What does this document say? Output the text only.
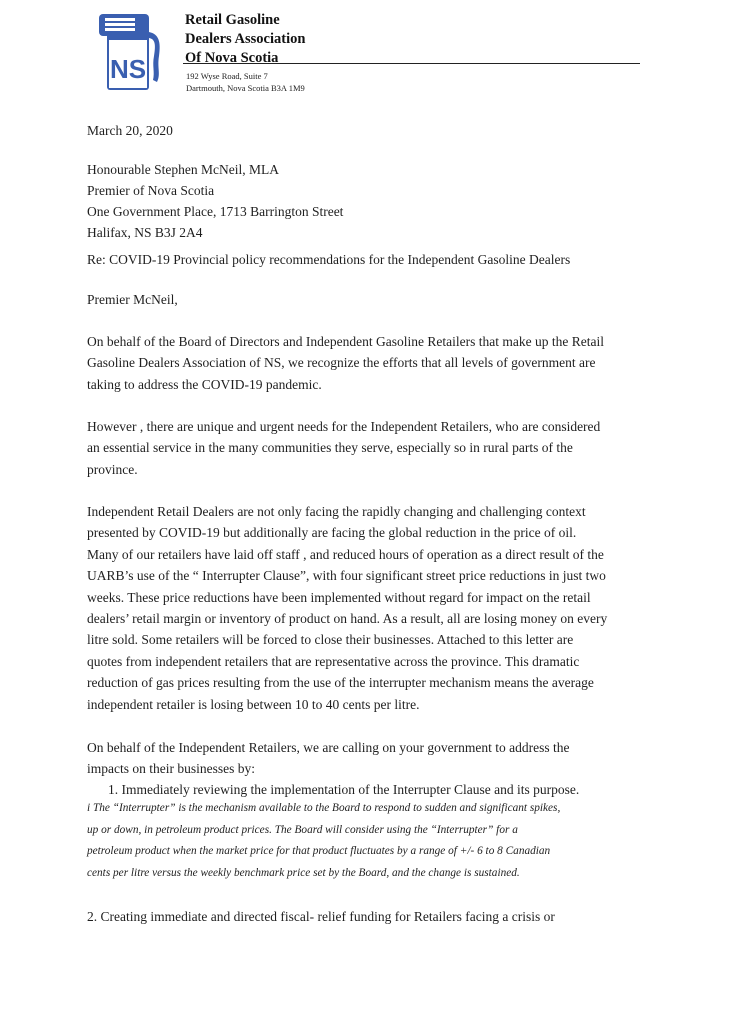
NS
Retail Gasoline
Dealers Association
Of Nova Scotia
192 Wyse Road, Suite 7
Dartmouth, Nova Scotia B3A 1M9
March 20, 2020
Honourable Stephen McNeil, MLA
Premier of Nova Scotia
One Government Place, 1713 Barrington Street
Halifax, NS B3J 2A4
Re: COVID-19 Provincial policy recommendations for the Independent Gasoline Dealers
Premier McNeil,
On behalf of the Board of Directors and Independent Gasoline Retailers that make up the Retail
Gasoline Dealers Association of NS, we recognize the efforts that all levels of government are
taking to address the COVID-19 pandemic.
However , there are unique and urgent needs for the Independent Retailers, who are considered
an essential service in the many communities they serve, especially so in rural parts of the
province.
Independent Retail Dealers are not only facing the rapidly changing and challenging context
presented by COVID-19 but additionally are facing the global reduction in the price of oil.
Many of our retailers have laid off staff , and reduced hours of operation as a direct result of the
UARB’s use of the “ Interrupter Clause”, with four significant street price reductions in just two
weeks. These price reductions have been implemented without regard for impact on the retail
dealers’ retail margin or inventory of product on hand. As a result, all are losing money on every
litre sold. Some retailers will be forced to close their businesses. Attached to this letter are
quotes from independent retailers that are representative across the province. This dramatic
reduction of gas prices resulting from the use of the interrupter mechanism means the average
independent retailer is losing between 10 to 40 cents per litre.
On behalf of the Independent Retailers, we are calling on your government to address the
impacts on their businesses by:
1. Immediately reviewing the implementation of the Interrupter Clause and its purpose.
i The “Interrupter” is the mechanism available to the Board to respond to sudden and significant spikes,
up or down, in petroleum product prices. The Board will consider using the “Interrupter” for a
petroleum product when the market price for that product fluctuates by a range of +/- 6 to 8 Canadian
cents per litre versus the weekly benchmark price set by the Board, and the change is sustained.
2. Creating immediate and directed fiscal- relief funding for Retailers facing a crisis or
